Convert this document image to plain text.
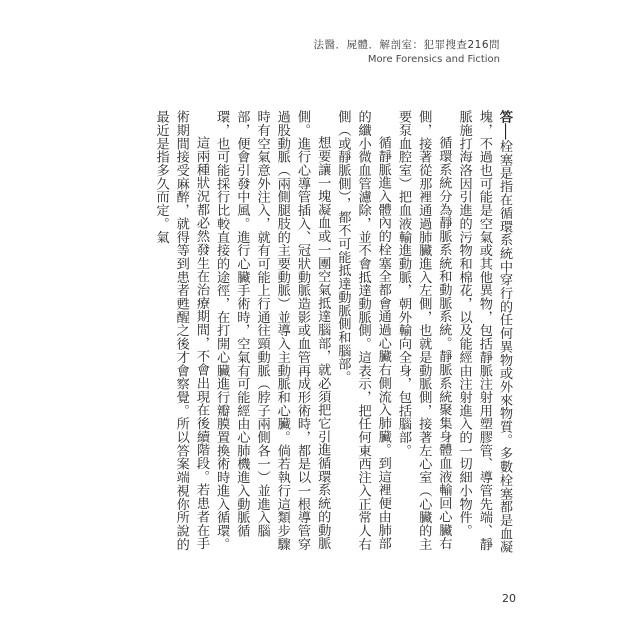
法醫．屍體．解剖室：犯罪搜查216問
More Forensics and Fiction

答──栓塞是指在循環系統中穿行的任何異物或外來物質。多數栓塞都是血凝塊，不過也可能是空氣或其他異物，包括靜脈注射用塑膠管、導管先端、靜脈施打海洛因引進的污物和棉花，以及能經由注射進入的一切細小物件。

循環系統分為靜脈系統和動脈系統。靜脈系統聚集身體血液輸回心臟右側，接著從那裡通過肺臟進入左側，也就是動脈側，接著左心室（心臟的主要泵血腔室）把血液輸進動脈，朝外輸向全身，包括腦部。

循靜脈進入體內的栓塞全都會通過心臟右側流入肺臟。到這裡便由肺部的纖小微血管濾除，並不會抵達動脈側。這表示，把任何東西注入正常人右側（或靜脈側），都不可能抵達動脈側和腦部。

想要讓一塊凝血或一團空氣抵達腦部，就必須把它引進循環系統的動脈側。進行心導管插入、冠狀動脈造影或血管再成形術時，都是以一根導管穿過股動脈（兩側腿肢的主要動脈）並導入主動脈和心臟。倘若執行這類步驟時有空氣意外注入，就有可能上行通往頸動脈（脖子兩側各一）並進入腦部，便會引發中風。進行心臟手術時，空氣有可能經由心肺機進入動脈循環，也可能採行比較直接的途徑，在打開心臟進行瓣膜置換術時進入循環。

這兩種狀況都必然發生在治療期間，不會出現在後續階段。若患者在手術期間接受麻醉，就得等到患者甦醒之後才會察覺。所以答案端視你所說的最近是指多久而定。氣

20
